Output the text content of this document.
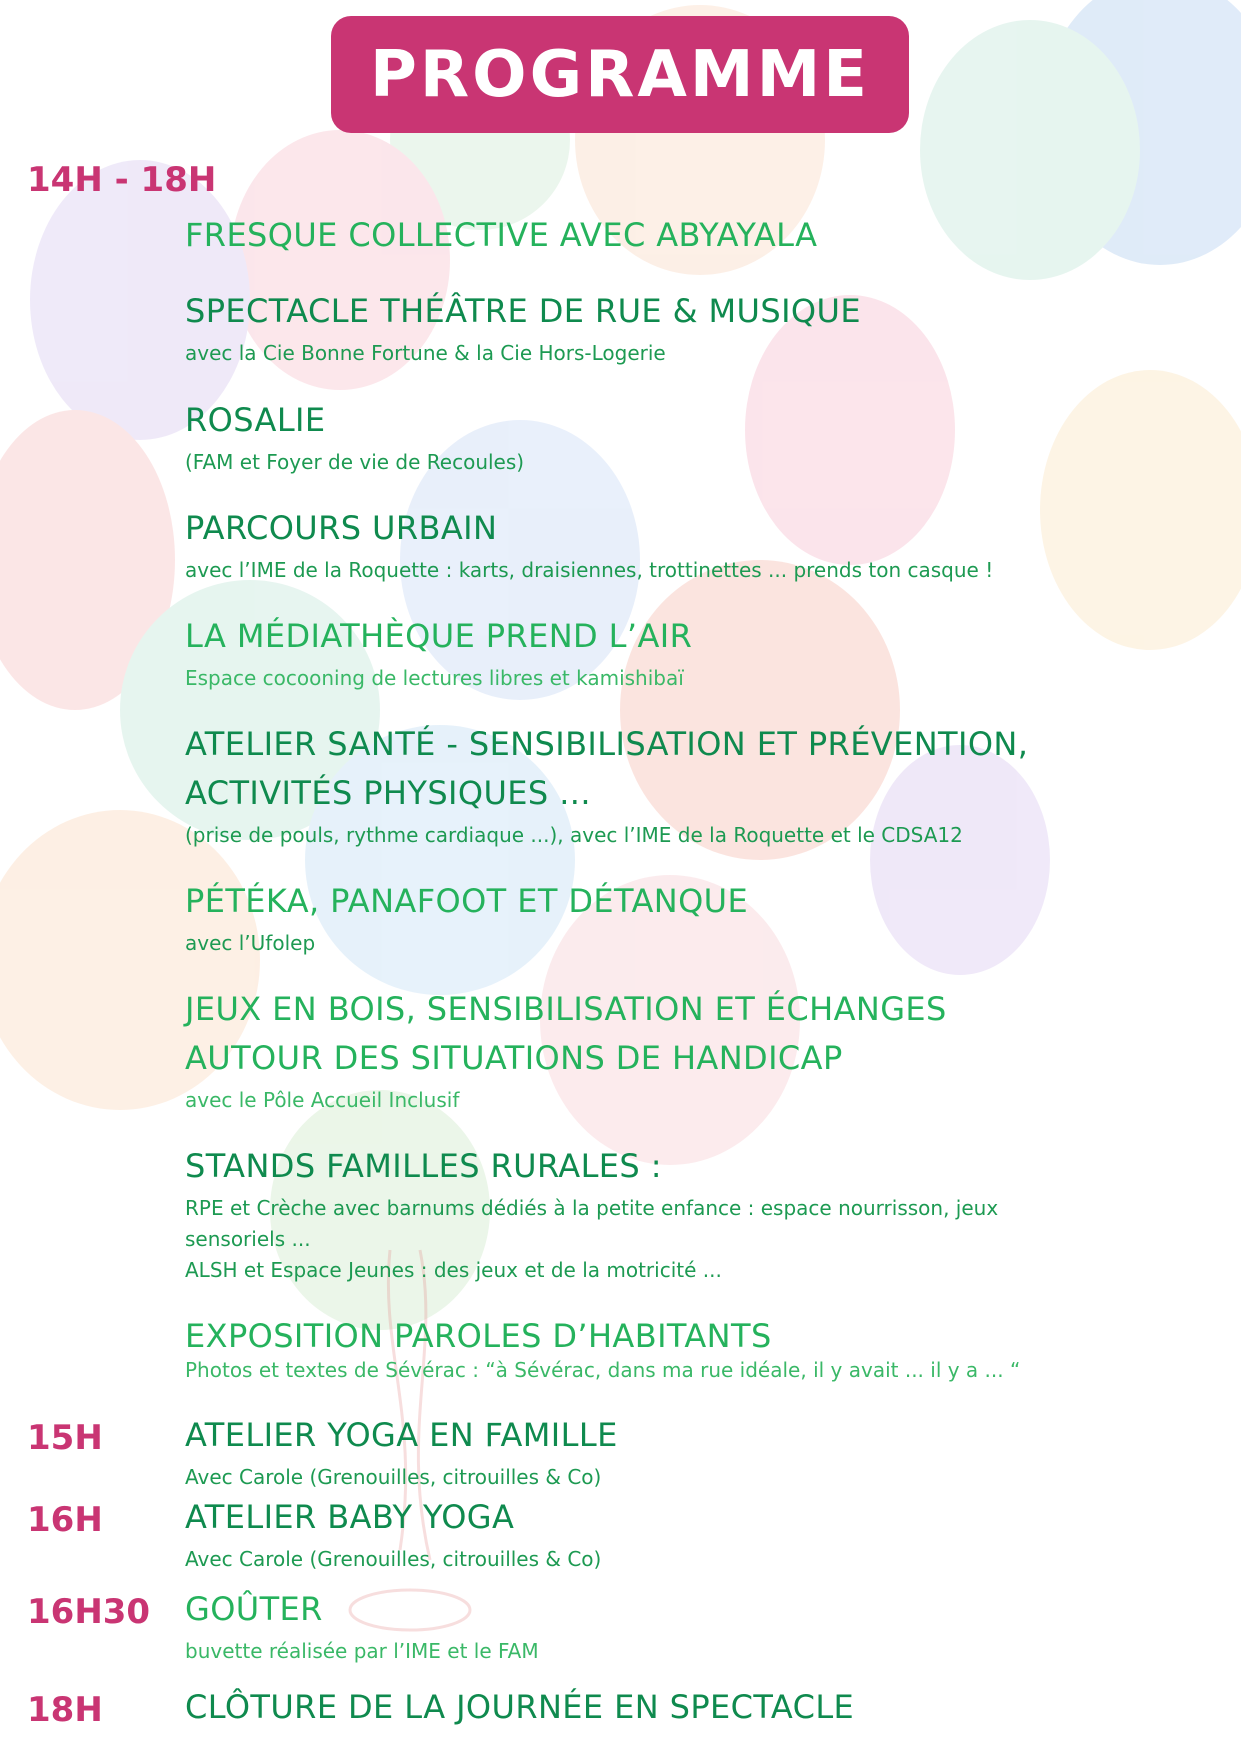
PROGRAMME
14H - 18H
15H
16H
16H30
18H
FRESQUE COLLECTIVE AVEC ABYAYALA
SPECTACLE THÉÂTRE DE RUE & MUSIQUE
avec la Cie Bonne Fortune & la Cie Hors-Logerie
ROSALIE
(FAM et Foyer de vie de Recoules)
PARCOURS URBAIN
avec l’IME de la Roquette : karts, draisiennes, trottinettes ... prends ton casque !
LA MÉDIATHÈQUE PREND L’AIR
Espace cocooning de lectures libres et kamishibaï
ATELIER SANTÉ - SENSIBILISATION ET PRÉVENTION,
ACTIVITÉS PHYSIQUES ...
(prise de pouls, rythme cardiaque ...), avec l’IME de la Roquette et le CDSA12
PÉTÉKA, PANAFOOT ET DÉTANQUE
avec l’Ufolep
JEUX EN BOIS, SENSIBILISATION ET ÉCHANGES
AUTOUR DES SITUATIONS DE HANDICAP
avec le Pôle Accueil Inclusif
STANDS FAMILLES RURALES :
RPE et Crèche avec barnums dédiés à la petite enfance : espace nourrisson, jeux
sensoriels ...
ALSH et Espace Jeunes : des jeux et de la motricité ...
EXPOSITION PAROLES D’HABITANTS
Photos et textes de Sévérac : “à Sévérac, dans ma rue idéale, il y avait ... il y a ... “
ATELIER YOGA EN FAMILLE
Avec Carole (Grenouilles, citrouilles & Co)
ATELIER BABY YOGA
Avec Carole (Grenouilles, citrouilles & Co)
GOÛTER
buvette réalisée par l’IME et le FAM
CLÔTURE DE LA JOURNÉE EN SPECTACLE
